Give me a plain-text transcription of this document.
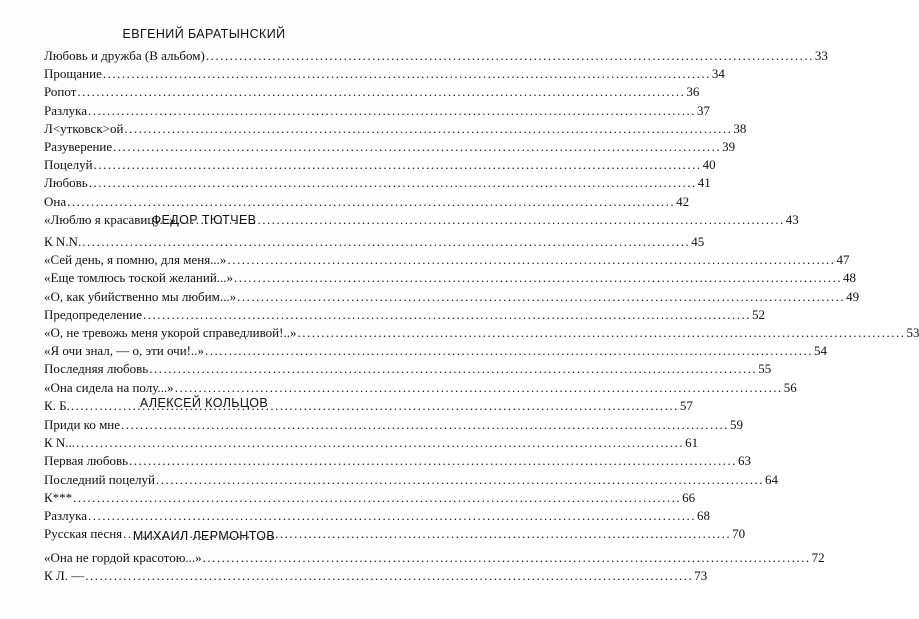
ЕВГЕНИЙ БАРАТЫНСКИЙ
Любовь и дружба (В альбом) .....	33
Прощание .....	34
Ропот .....	36
Разлука .....	37
Л<утковск>ой .....	38
Разуверение .....	39
Поцелуй .....	40
Любовь .....	41
Она .....	42
«Люблю я красавицу...» .....	43
ФЕДОР ТЮТЧЕВ
К N.N. .....	45
«Сей день, я помню, для меня...» .....	47
«Еще томлюсь тоской желаний...» .....	48
«О, как убийственно мы любим...» .....	49
Предопределение .....	52
«О, не тревожь меня укорой справедливой!..» .....	53
«Я очи знал, — о, эти очи!..» .....	54
Последняя любовь .....	55
«Она сидела на полу...» .....	56
К. Б. .....	57
АЛЕКСЕЙ КОЛЬЦОВ
Приди ко мне .....	59
К N... .....	61
Первая любовь .....	63
Последний поцелуй .....	64
К*** .....	66
Разлука .....	68
Русская песня .....	70
МИХАИЛ ЛЕРМОНТОВ
«Она не гордой красотою...» .....	72
К Л. — .....	73
